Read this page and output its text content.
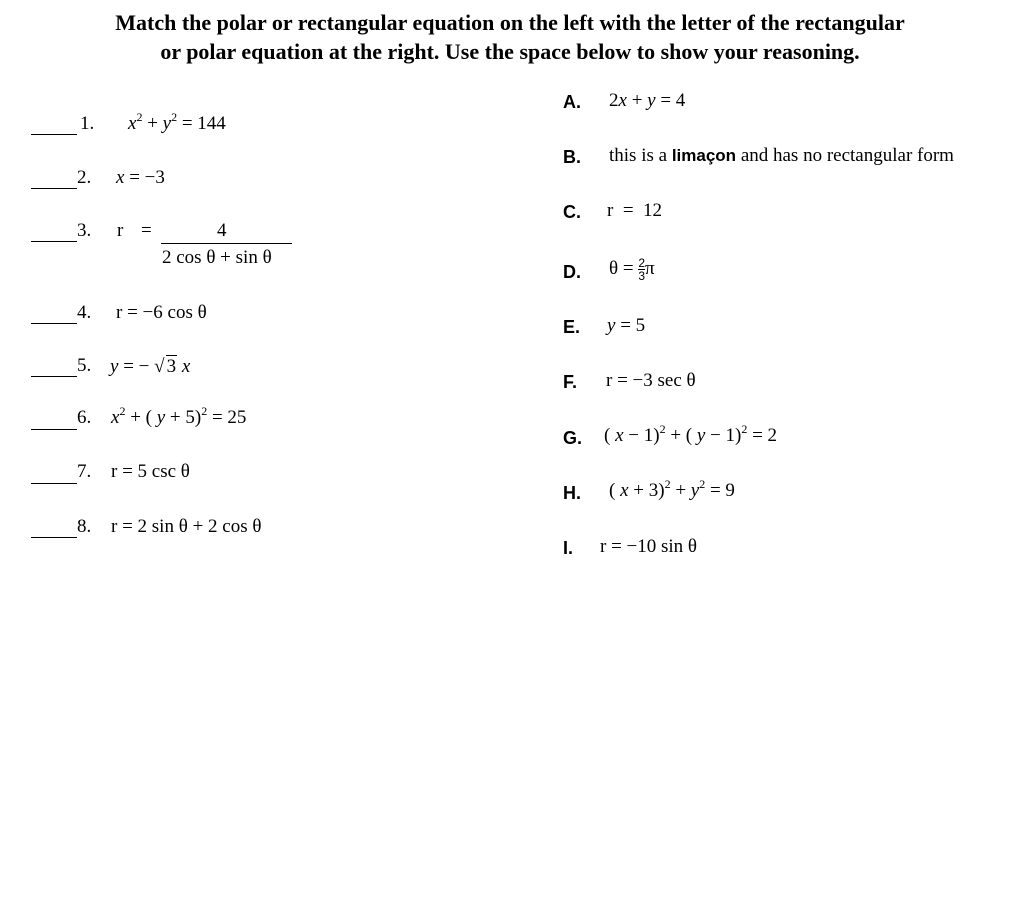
Match the polar or rectangular equation on the left with the letter of the rectangular
or polar equation at the right. Use the space below to show your reasoning.
1. $x^2 + y^2 = 144$
2. x = −3
3. r =	4
2 cos θ + sin θ
4. r = −6 cos θ
5. y = − √ 3 x
6. $x^2$ + ( y + 5)$^2$ = 25
7. r = 5 csc θ
8. r = 2 sin θ + 2 cos θ
A. 2x + y = 4
B. this is a limaçon and has no rectangular form
C. r  =  12
D. $\theta = \frac{2}{3}$ π
E. y = 5
F. r = −3 sec θ
G. ( x − 1)$^2$ + ( y − 1)$^2$ = 2
H. ( $x + 3)^2 + y^2 = 9$
I. r = −10 sin θ
